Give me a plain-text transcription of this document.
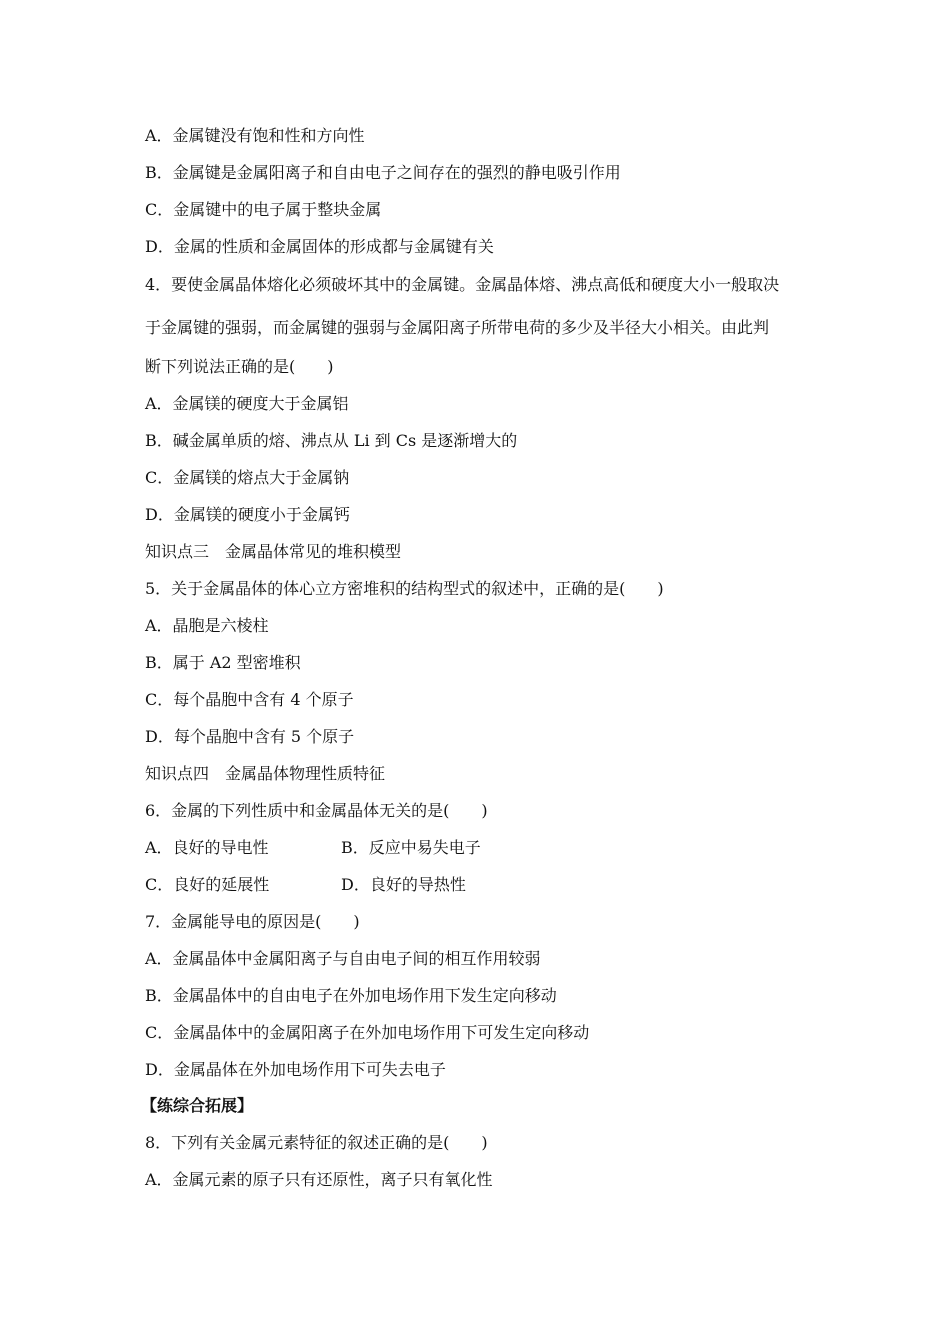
A．金属键没有饱和性和方向性
B．金属键是金属阳离子和自由电子之间存在的强烈的静电吸引作用
C．金属键中的电子属于整块金属
D．金属的性质和金属固体的形成都与金属键有关
4．要使金属晶体熔化必须破坏其中的金属键。金属晶体熔、沸点高低和硬度大小一般取决
于金属键的强弱，而金属键的强弱与金属阳离子所带电荷的多少及半径大小相关。由此判
断下列说法正确的是(　　)
A．金属镁的硬度大于金属铝
B．碱金属单质的熔、沸点从 Li 到 Cs 是逐渐增大的
C．金属镁的熔点大于金属钠
D．金属镁的硬度小于金属钙
知识点三　金属晶体常见的堆积模型
5．关于金属晶体的体心立方密堆积的结构型式的叙述中，正确的是(　　)
A．晶胞是六棱柱
B．属于 A2 型密堆积
C．每个晶胞中含有 4 个原子
D．每个晶胞中含有 5 个原子
知识点四　金属晶体物理性质特征
6．金属的下列性质中和金属晶体无关的是(　　)
A．良好的导电性	B．反应中易失电子
C．良好的延展性	D．良好的导热性
7．金属能导电的原因是(　　)
A．金属晶体中金属阳离子与自由电子间的相互作用较弱
B．金属晶体中的自由电子在外加电场作用下发生定向移动
C．金属晶体中的金属阳离子在外加电场作用下可发生定向移动
D．金属晶体在外加电场作用下可失去电子
【练综合拓展】
8．下列有关金属元素特征的叙述正确的是(　　)
A．金属元素的原子只有还原性，离子只有氧化性
